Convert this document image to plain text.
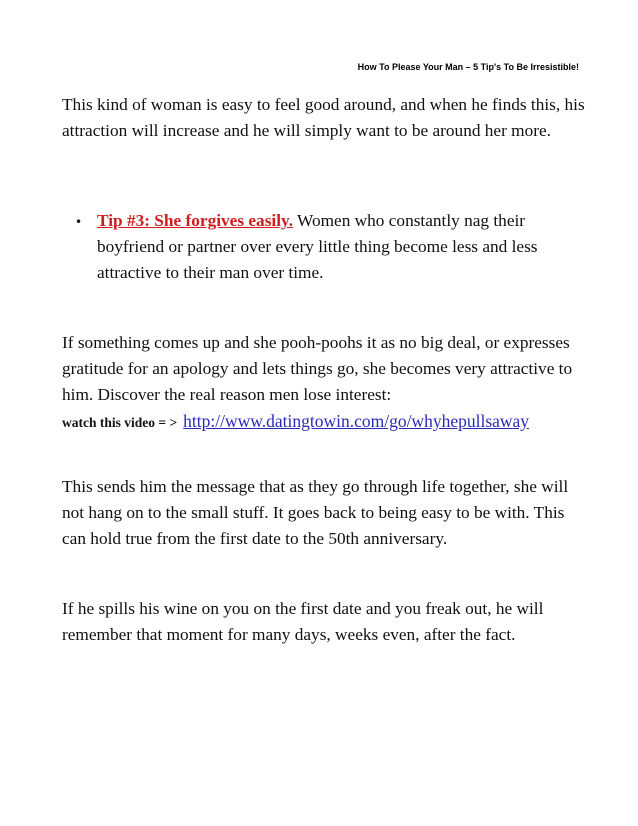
How To Please Your Man – 5 Tip's To Be Irresistible!

This kind of woman is easy to feel good around, and when he finds this, his attraction will increase and he will simply want to be around her more.

• Tip #3: She forgives easily. Women who constantly nag their boyfriend or partner over every little thing become less and less attractive to their man over time.

If something comes up and she pooh-poohs it as no big deal, or expresses gratitude for an apology and lets things go, she becomes very attractive to him. Discover the real reason men lose interest:
watch this video = > http://www.datingtowin.com/go/whyhepullsaway

This sends him the message that as they go through life together, she will not hang on to the small stuff. It goes back to being easy to be with. This can hold true from the first date to the 50th anniversary.

If he spills his wine on you on the first date and you freak out, he will remember that moment for many days, weeks even, after the fact.
